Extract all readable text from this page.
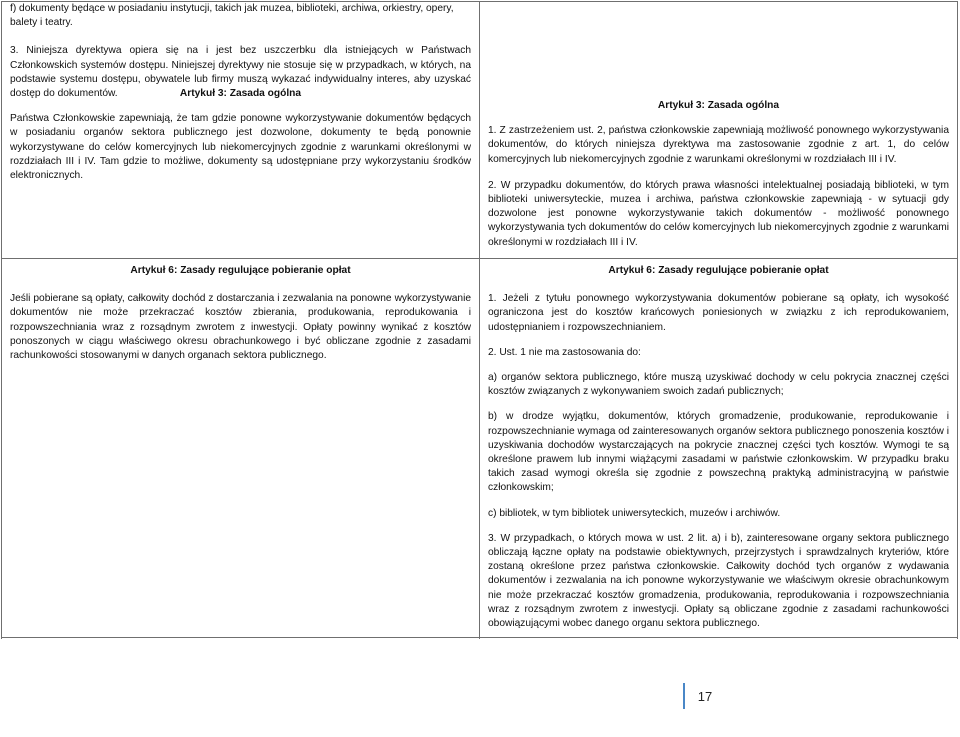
f) dokumenty będące w posiadaniu instytucji, takich jak muzea, biblioteki, archiwa, orkiestry, opery, balety i teatry.

3. Niniejsza dyrektywa opiera się na i jest bez uszczerbku dla istniejących w Państwach Członkowskich systemów dostępu. Niniejszej dyrektywy nie stosuje się w przypadkach, w których, na podstawie systemu dostępu, obywatele lub firmy muszą wykazać indywidualny interes, aby uzyskać dostęp do dokumentów.	Artykuł 3: Zasada ogólna

Państwa Członkowskie zapewniają, że tam gdzie ponowne wykorzystywanie dokumentów będących w posiadaniu organów sektora publicznego jest dozwolone, dokumenty te będą ponownie wykorzystywane do celów komercyjnych lub niekomercyjnych zgodnie z warunkami określonymi w rozdziałach III i IV. Tam gdzie to możliwe, dokumenty są udostępniane przy wykorzystaniu środków elektronicznych.

Artykuł 3: Zasada ogólna

1. Z zastrzeżeniem ust. 2, państwa członkowskie zapewniają możliwość ponownego wykorzystywania dokumentów, do których niniejsza dyrektywa ma zastosowanie zgodnie z art. 1, do celów komercyjnych lub niekomercyjnych zgodnie z warunkami określonymi w rozdziałach III i IV.

2. W przypadku dokumentów, do których prawa własności intelektualnej posiadają biblioteki, w tym biblioteki uniwersyteckie, muzea i archiwa, państwa członkowskie zapewniają - w sytuacji gdy dozwolone jest ponowne wykorzystywanie takich dokumentów - możliwość ponownego wykorzystywania tych dokumentów do celów komercyjnych lub niekomercyjnych zgodnie z warunkami określonymi w rozdziałach III i IV.

Artykuł 6: Zasady regulujące pobieranie opłat

Jeśli pobierane są opłaty, całkowity dochód z dostarczania i zezwalania na ponowne wykorzystywanie dokumentów nie może przekraczać kosztów zbierania, produkowania, reprodukowania i rozpowszechniania wraz z rozsądnym zwrotem z inwestycji. Opłaty powinny wynikać z kosztów ponoszonych w ciągu właściwego okresu obrachunkowego i być obliczane zgodnie z zasadami rachunkowości stosowanymi w danych organach sektora publicznego.

Artykuł 6: Zasady regulujące pobieranie opłat

1. Jeżeli z tytułu ponownego wykorzystywania dokumentów pobierane są opłaty, ich wysokość ograniczona jest do kosztów krańcowych poniesionych w związku z ich reprodukowaniem, udostępnianiem i rozpowszechnianiem.

2. Ust. 1 nie ma zastosowania do:

a) organów sektora publicznego, które muszą uzyskiwać dochody w celu pokrycia znacznej części kosztów związanych z wykonywaniem swoich zadań publicznych;

b) w drodze wyjątku, dokumentów, których gromadzenie, produkowanie, reprodukowanie i rozpowszechnianie wymaga od zainteresowanych organów sektora publicznego ponoszenia kosztów i uzyskiwania dochodów wystarczających na pokrycie znacznej części tych kosztów. Wymogi te są określone prawem lub innymi wiążącymi zasadami w państwie członkowskim. W przypadku braku takich zasad wymogi określa się zgodnie z powszechną praktyką administracyjną w państwie członkowskim;

c) bibliotek, w tym bibliotek uniwersyteckich, muzeów i archiwów.

3. W przypadkach, o których mowa w ust. 2 lit. a) i b), zainteresowane organy sektora publicznego obliczają łączne opłaty na podstawie obiektywnych, przejrzystych i sprawdzalnych kryteriów, które zostaną określone przez państwa członkowskie. Całkowity dochód tych organów z wydawania dokumentów i zezwalania na ich ponowne wykorzystywanie we właściwym okresie obrachunkowym nie może przekraczać kosztów gromadzenia, produkowania, reprodukowania i rozpowszechniania wraz z rozsądnym zwrotem z inwestycji. Opłaty są obliczane zgodnie z zasadami rachunkowości obowiązującymi wobec danego organu sektora publicznego.

17
